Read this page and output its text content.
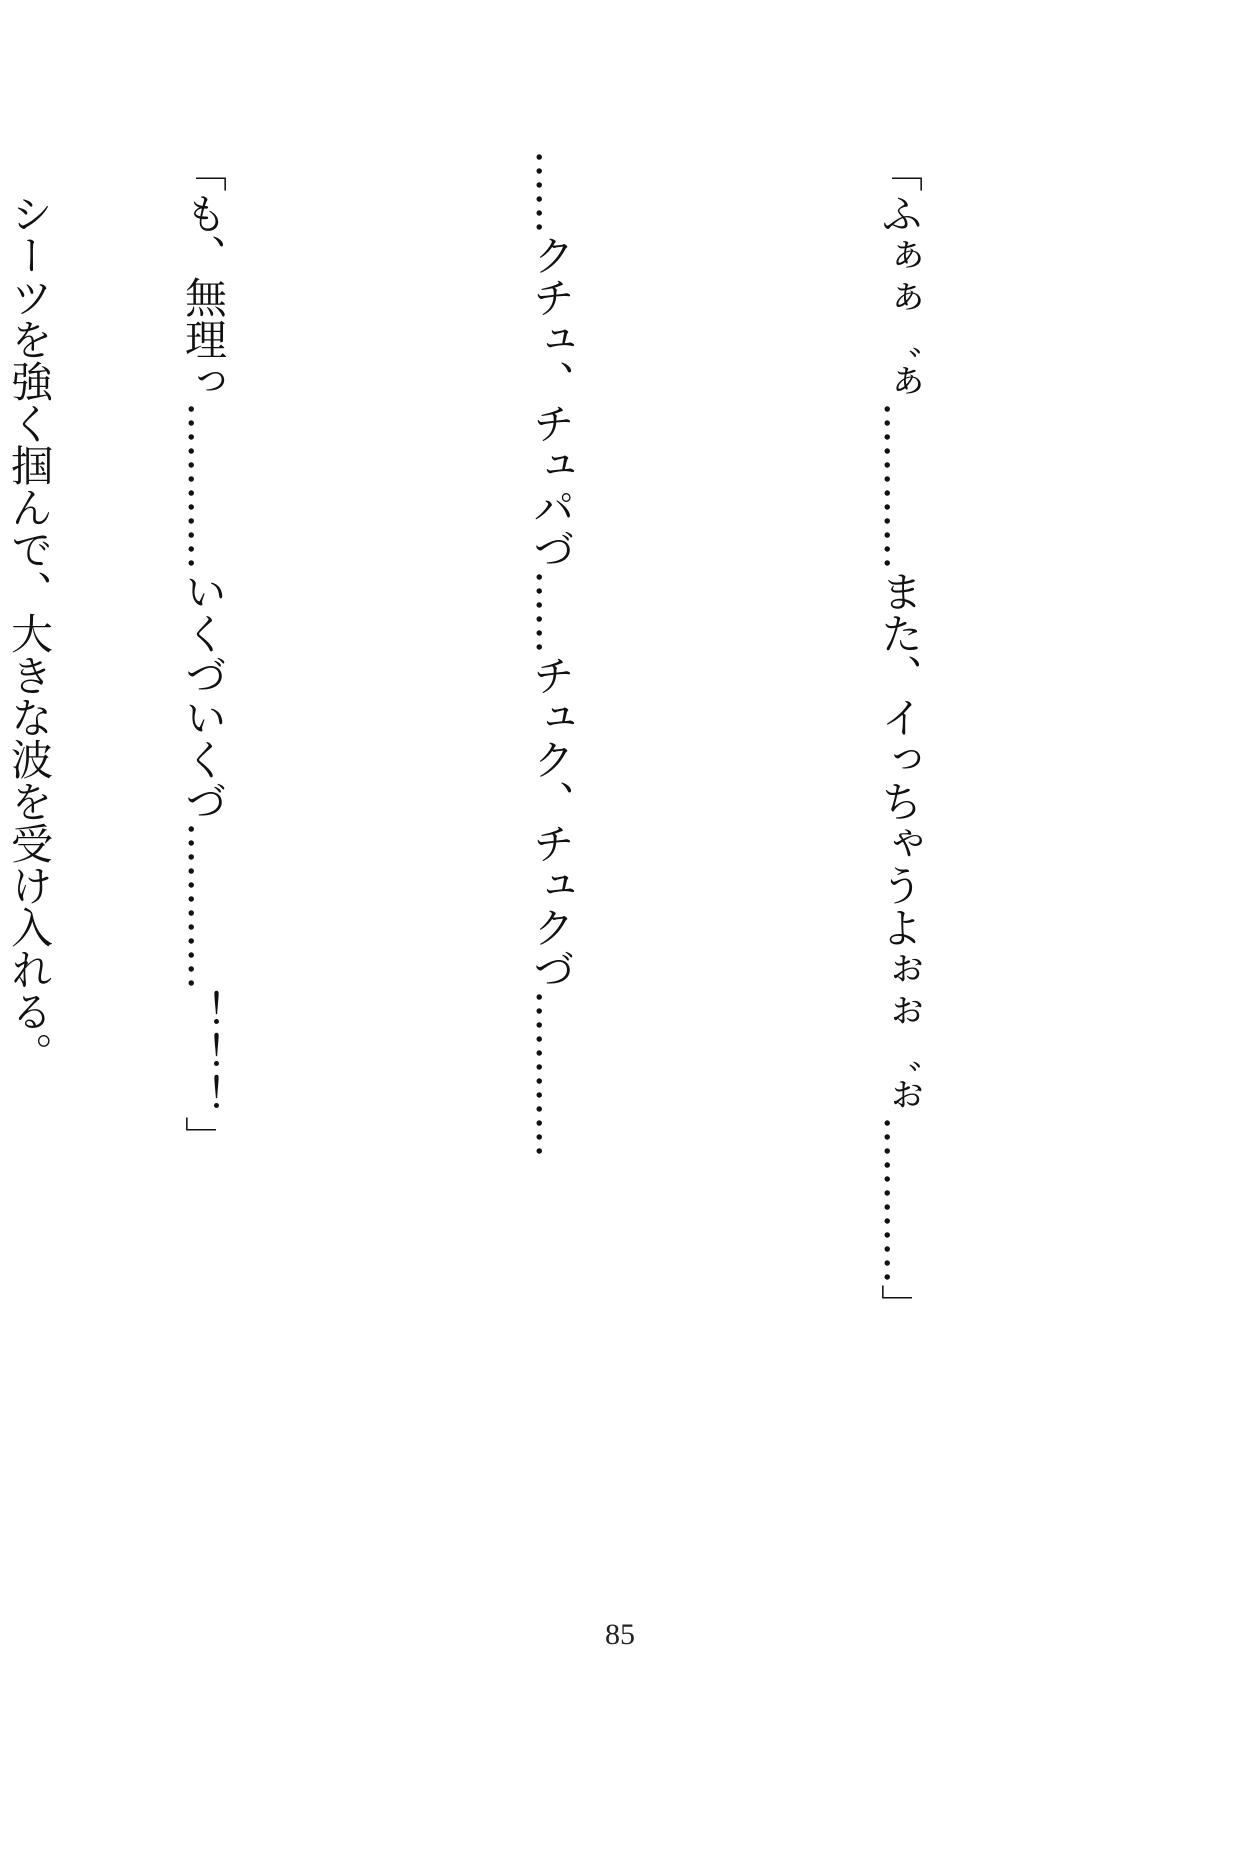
「ふぁぁ゛ぁ…………また、イっちゃうよぉぉ゛ぉ…………」

……クチュ、チュパづ……チュク、チュクづ…………

「も、無理っ…………いくづいくづ…………！！！」

　シーツを強く掴んで、大きな波を受け入れる。

85
